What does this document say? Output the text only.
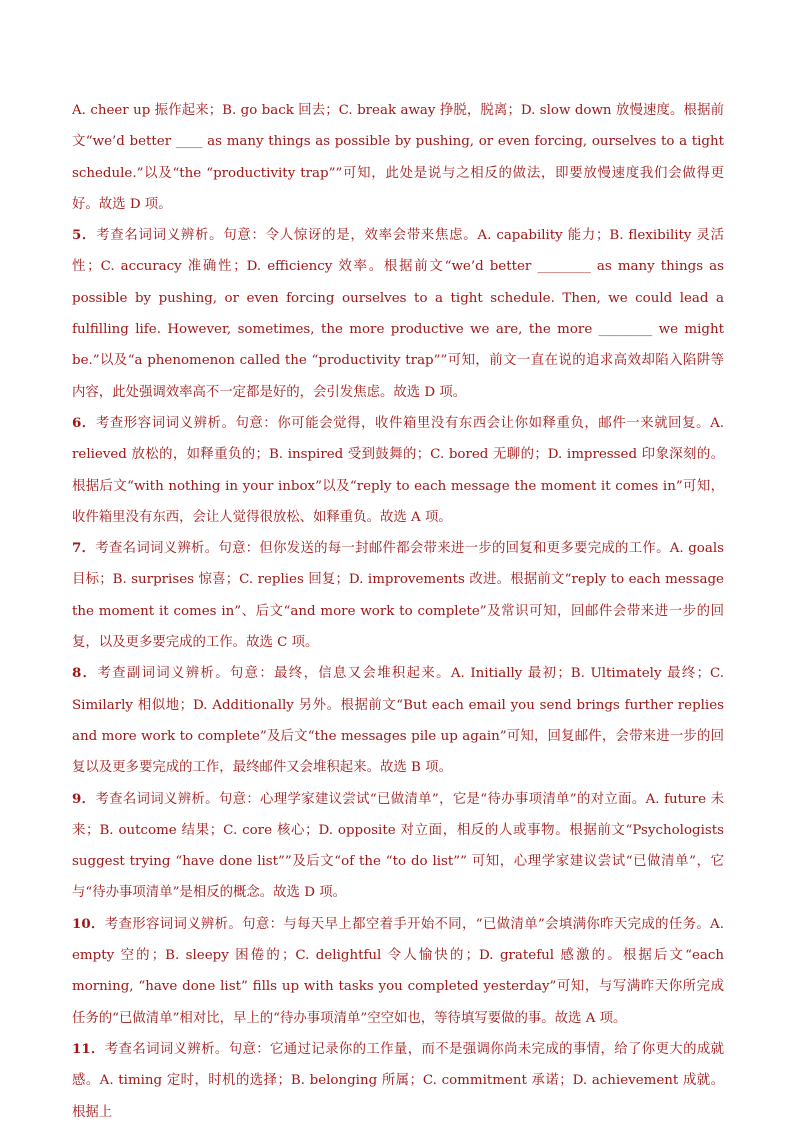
A. cheer up 振作起来；B. go back 回去；C. break away 挣脱，脱离；D. slow down 放慢速度。根据前文“we’d better ____ as many things as possible by pushing, or even forcing, ourselves to a tight schedule.”以及“the “productivity trap””可知，此处是说与之相反的做法，即要放慢速度我们会做得更好。故选 D 项。

5．考查名词词义辨析。句意：令人惊讶的是，效率会带来焦虑。A. capability 能力；B. flexibility 灵活性；C. accuracy 准确性；D. efficiency 效率。根据前文“we’d better ________ as many things as possible by pushing, or even forcing ourselves to a tight schedule. Then, we could lead a fulfilling life. However, sometimes, the more productive we are, the more ________ we might be.”以及“a phenomenon called the “productivity trap””可知，前文一直在说的追求高效却陷入陷阱等内容，此处强调效率高不一定都是好的，会引发焦虑。故选 D 项。

6．考查形容词词义辨析。句意：你可能会觉得，收件箱里没有东西会让你如释重负，邮件一来就回复。A. relieved 放松的，如释重负的；B. inspired 受到鼓舞的；C. bored 无聊的；D. impressed 印象深刻的。根据后文“with nothing in your inbox”以及“reply to each message the moment it comes in”可知，收件箱里没有东西，会让人觉得很放松、如释重负。故选 A 项。

7．考查名词词义辨析。句意：但你发送的每一封邮件都会带来进一步的回复和更多要完成的工作。A. goals 目标；B. surprises 惊喜；C. replies 回复；D. improvements 改进。根据前文“reply to each message the moment it comes in”、后文“and more work to complete”及常识可知，回邮件会带来进一步的回复，以及更多要完成的工作。故选 C 项。

8．考查副词词义辨析。句意：最终，信息又会堆积起来。A. Initially 最初；B. Ultimately 最终；C. Similarly 相似地；D. Additionally 另外。根据前文“But each email you send brings further replies and more work to complete”及后文“the messages pile up again”可知，回复邮件，会带来进一步的回复以及更多要完成的工作，最终邮件又会堆积起来。故选 B 项。

9．考查名词词义辨析。句意：心理学家建议尝试“已做清单”，它是“待办事项清单”的对立面。A. future 未来；B. outcome 结果；C. core 核心；D. opposite 对立面，相反的人或事物。根据前文“Psychologists suggest trying “have done list””及后文“of the “to do list”” 可知，心理学家建议尝试“已做清单”，它与“待办事项清单”是相反的概念。故选 D 项。

10．考查形容词词义辨析。句意：与每天早上都空着手开始不同，“已做清单”会填满你昨天完成的任务。A. empty 空的；B. sleepy 困倦的；C. delightful 令人愉快的；D. grateful 感激的。根据后文“each morning, “have done list” fills up with tasks you completed yesterday”可知，与写满昨天你所完成任务的“已做清单”相对比，早上的“待办事项清单”空空如也，等待填写要做的事。故选 A 项。

11．考查名词词义辨析。句意：它通过记录你的工作量，而不是强调你尚未完成的事情，给了你更大的成就感。A. timing 定时，时机的选择；B. belonging 所属；C. commitment 承诺；D. achievement 成就。根据上
